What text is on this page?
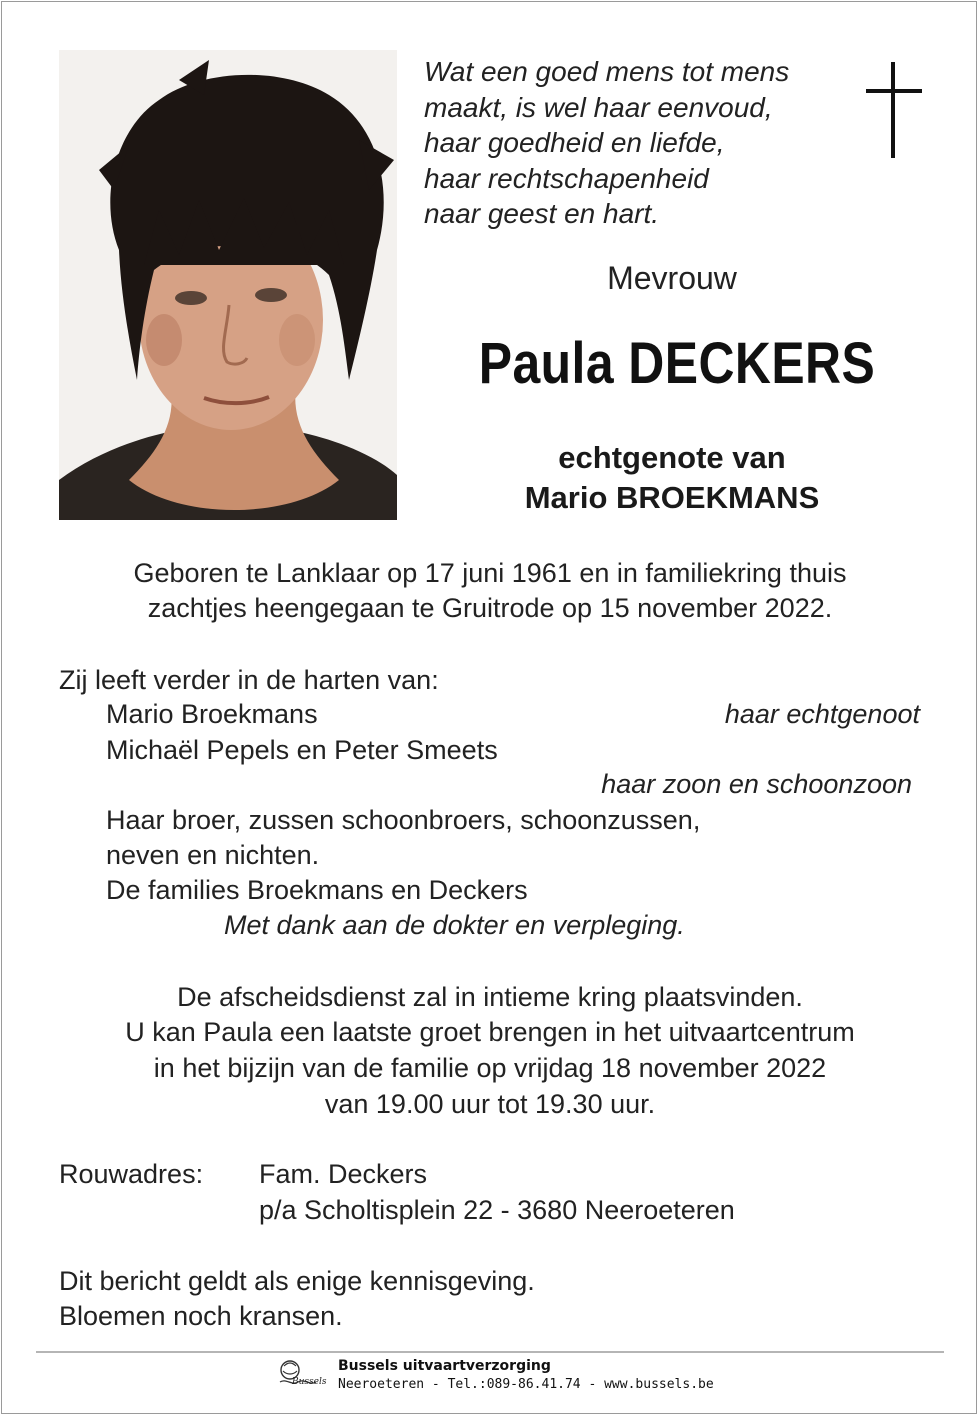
Wat een goed mens tot mens
maakt, is wel haar eenvoud,
haar goedheid en liefde,
haar rechtschapenheid
naar geest en hart.
Mevrouw
Paula DECKERS
echtgenote van
Mario BROEKMANS
Geboren te Lanklaar op 17 juni 1961 en in familiekring thuis
zachtjes heengegaan te Gruitrode op 15 november 2022.
Zij leeft verder in de harten van:
Mario Broekmans	haar echtgenoot
Michaël Pepels en Peter Smeets
haar zoon en schoonzoon
Haar broer, zussen schoonbroers, schoonzussen,
neven en nichten.
De families Broekmans en Deckers
Met dank aan de dokter en verpleging.
De afscheidsdienst zal in intieme kring plaatsvinden.
U kan Paula een laatste groet brengen in het uitvaartcentrum
in het bijzijn van de familie op vrijdag 18 november 2022
van 19.00 uur tot 19.30 uur.
Rouwadres: Fam. Deckers
p/a Scholtisplein 22 - 3680 Neeroeteren
Dit bericht geldt als enige kennisgeving.
Bloemen noch kransen.
Bussels
Bussels uitvaartverzorging
Neeroeteren - Tel.:089-86.41.74 - www.bussels.be
